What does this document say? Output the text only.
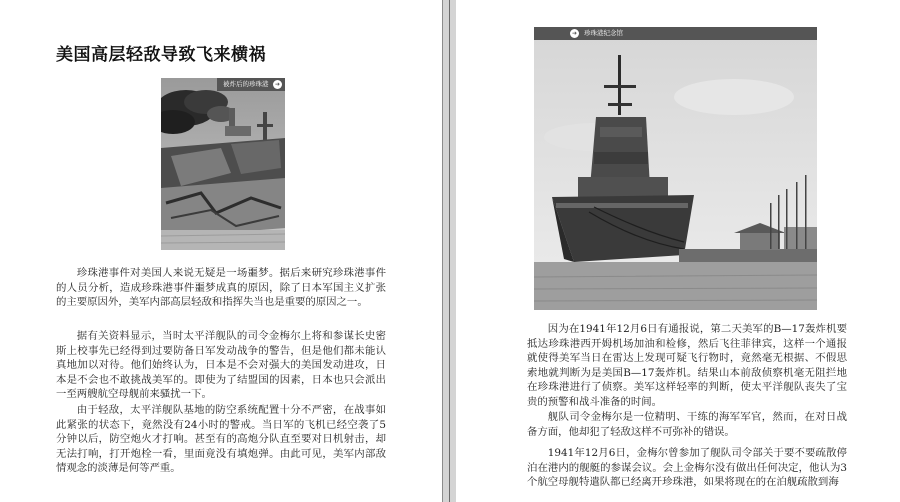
美国高层轻敌导致飞来横祸
被炸后的珍珠港	➜

珍珠港事件对美国人来说无疑是一场噩梦。据后来研究珍珠港事件的人员分析，造成珍珠港事件噩梦成真的原因，除了日本军国主义扩张的主要原因外，美军内部高层轻敌和指挥失当也是重要的原因之一。

据有关资料显示，当时太平洋舰队的司令金梅尔上将和参谋长史密斯上校事先已经得到过要防备日军发动战争的警告，但是他们都未能认真地加以对待。他们始终认为，日本是不会对强大的美国发动进攻，日本是不会也不敢挑战美军的。即使为了结盟国的因素，日本也只会派出一至两艘航空母舰前来骚扰一下。

由于轻敌，太平洋舰队基地的防空系统配置十分不严密，在战事如此紧张的状态下，竟然没有24小时的警戒。当日军的飞机已经空袭了5分钟以后，防空炮火才打响。甚至有的高炮分队直至要对日机射击，却无法打响，打开炮栓一看，里面竟没有填炮弹。由此可见，美军内部敌情观念的淡薄是何等严重。

➜	珍珠港纪念馆

因为在1941年12月6日有通报说，第二天美军的B—17轰炸机要抵达珍珠港西开姆机场加油和检修，然后飞往菲律宾，这样一个通报就使得美军当日在雷达上发现可疑飞行物时，竟然毫无根据、不假思索地就判断为是美国B—17轰炸机。结果山本前敌侦察机毫无阻拦地在珍珠港进行了侦察。美军这样轻率的判断，使太平洋舰队丧失了宝贵的预警和战斗准备的时间。

舰队司令金梅尔是一位精明、干练的海军军官，然而，在对日战备方面，他却犯了轻敌这样不可弥补的错误。

1941年12月6日，金梅尔曾参加了舰队司令部关于要不要疏散停泊在港内的舰艇的参谋会议。会上金梅尔没有做出任何决定，他认为3个航空母舰特遣队都已经离开珍珠港，如果将现在的在泊舰疏散到海
